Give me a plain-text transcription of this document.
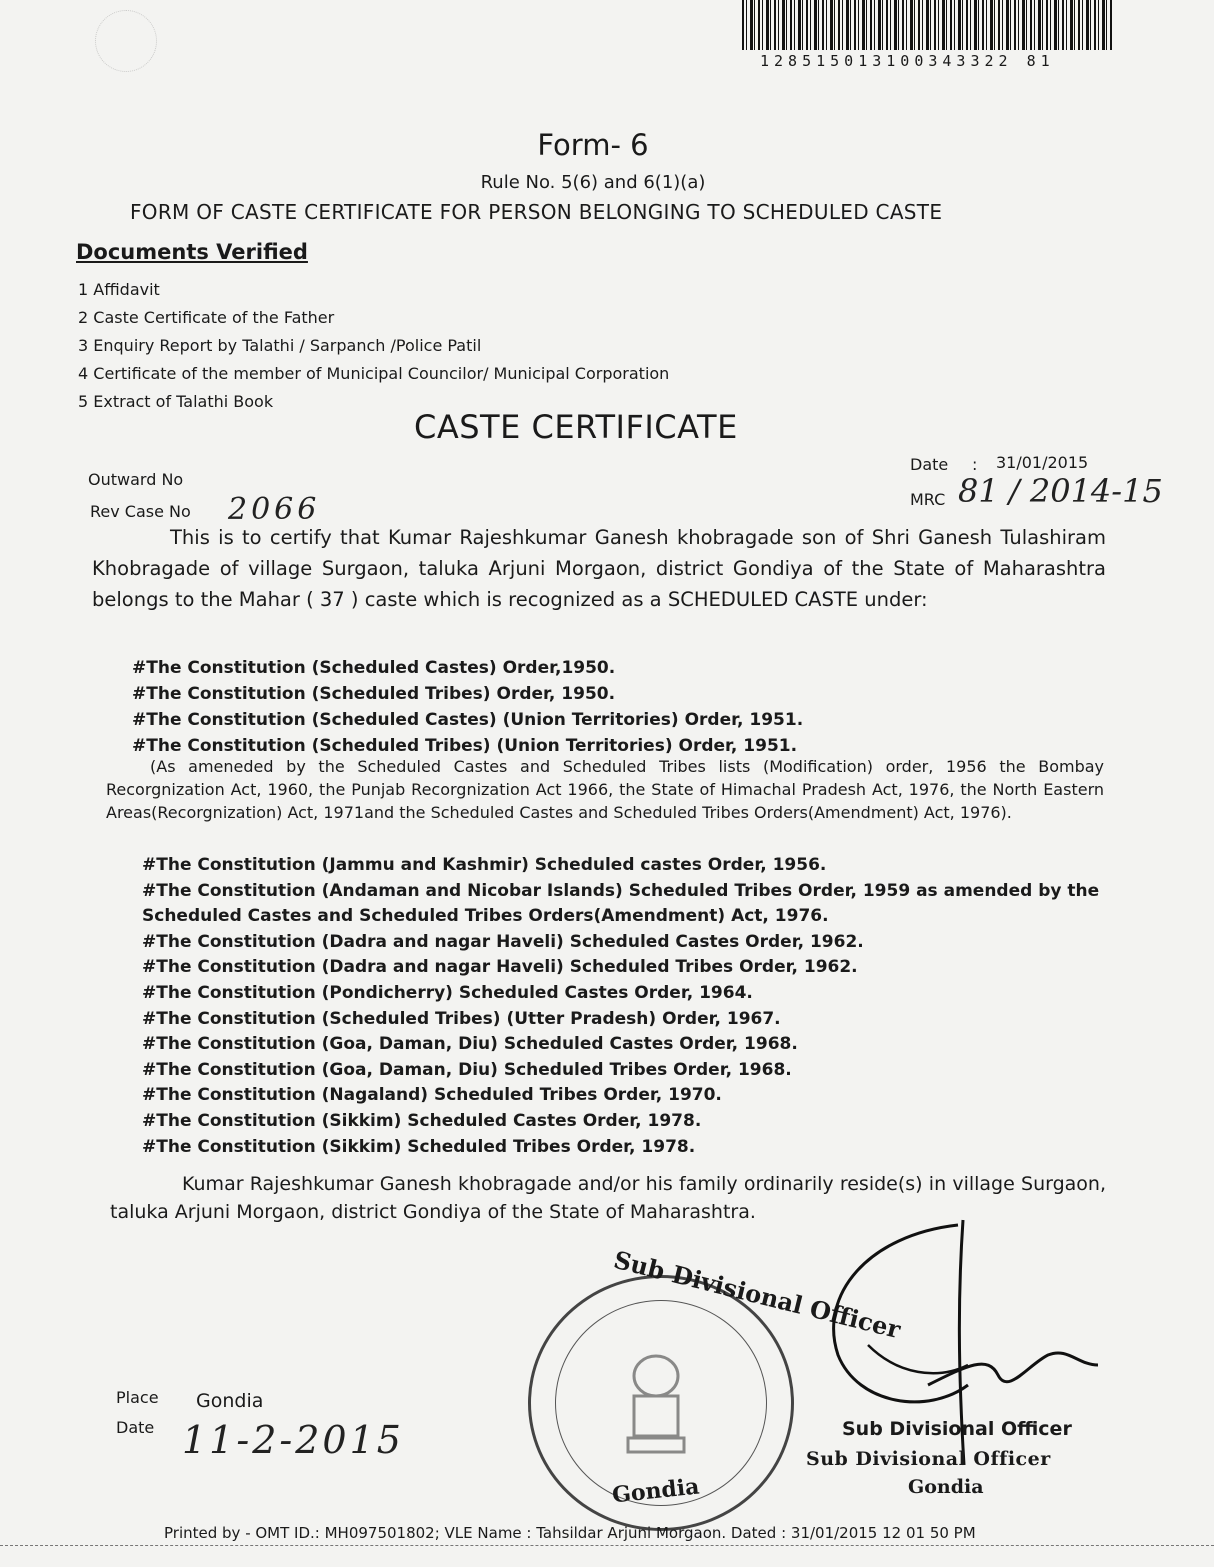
128515013100343322 81
Form- 6
Rule No. 5(6) and 6(1)(a)
FORM OF CASTE CERTIFICATE FOR PERSON BELONGING TO SCHEDULED CASTE
Documents Verified
1 Affidavit
2 Caste Certificate of the Father
3 Enquiry Report by Talathi / Sarpanch /Police Patil
4 Certificate of the member of Municipal Councilor/ Municipal Corporation
5 Extract of Talathi Book
CASTE CERTIFICATE
Outward No
Rev Case No 2066
Date : 31/01/2015
MRC 81 / 2014-15
This is to certify that Kumar Rajeshkumar Ganesh khobragade son of Shri Ganesh Tulashiram Khobragade of village Surgaon, taluka Arjuni Morgaon, district Gondiya of the State of Maharashtra belongs to the Mahar ( 37 ) caste which is recognized as a SCHEDULED CASTE under:
#The Constitution (Scheduled Castes) Order,1950.
#The Constitution (Scheduled Tribes) Order, 1950.
#The Constitution (Scheduled Castes) (Union Territories) Order, 1951.
#The Constitution (Scheduled Tribes) (Union Territories) Order, 1951.
(As ameneded by the Scheduled Castes and Scheduled Tribes lists (Modification) order, 1956 the Bombay Recorgnization Act, 1960, the Punjab Recorgnization Act 1966, the State of Himachal Pradesh Act, 1976, the North Eastern Areas(Recorgnization) Act, 1971and the Scheduled Castes and Scheduled Tribes Orders(Amendment) Act, 1976).
#The Constitution (Jammu and Kashmir) Scheduled castes Order, 1956.
#The Constitution (Andaman and Nicobar Islands) Scheduled Tribes Order, 1959 as amended by the Scheduled Castes and Scheduled Tribes Orders(Amendment) Act, 1976.
#The Constitution (Dadra and nagar Haveli) Scheduled Castes Order, 1962.
#The Constitution (Dadra and nagar Haveli) Scheduled Tribes Order, 1962.
#The Constitution (Pondicherry) Scheduled Castes Order, 1964.
#The Constitution (Scheduled Tribes) (Utter Pradesh) Order, 1967.
#The Constitution (Goa, Daman, Diu) Scheduled Castes Order, 1968.
#The Constitution (Goa, Daman, Diu) Scheduled Tribes Order, 1968.
#The Constitution (Nagaland) Scheduled Tribes Order, 1970.
#The Constitution (Sikkim) Scheduled Castes Order, 1978.
#The Constitution (Sikkim) Scheduled Tribes Order, 1978.
Kumar Rajeshkumar Ganesh khobragade and/or his family ordinarily reside(s) in village Surgaon, taluka Arjuni Morgaon, district Gondiya of the State of Maharashtra.
Sub Divisional Officer
Gondia
Sub Divisional Officer
Sub Divisional Officer
Gondia
Place Gondia
Date 11-2-2015
Printed by - OMT ID.: MH097501802; VLE Name : Tahsildar Arjuni Morgaon. Dated : 31/01/2015 12 01 50 PM
